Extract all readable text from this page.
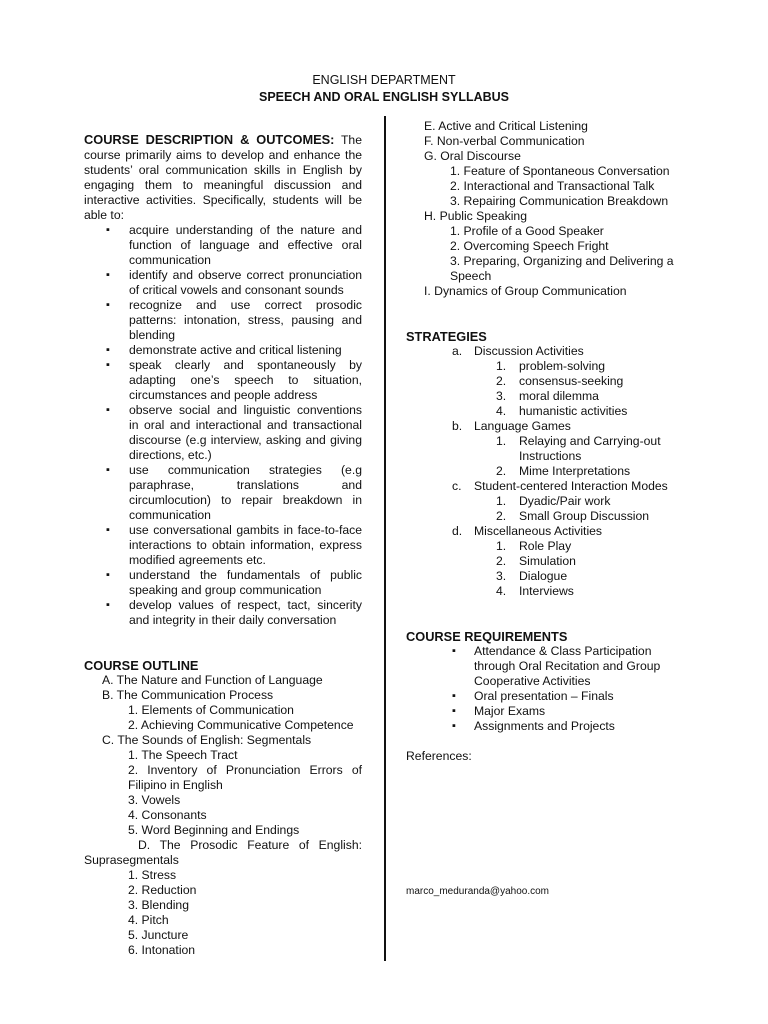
ENGLISH DEPARTMENT
SPEECH AND ORAL ENGLISH SYLLABUS
COURSE DESCRIPTION & OUTCOMES: The course primarily aims to develop and enhance the students’ oral communication skills in English by engaging them to meaningful discussion and interactive activities. Specifically, students will be able to:
▪ acquire understanding of the nature and function of language and effective oral communication
▪ identify and observe correct pronunciation of critical vowels and consonant sounds
▪ recognize and use correct prosodic patterns: intonation, stress, pausing and blending
▪ demonstrate active and critical listening
▪ speak clearly and spontaneously by adapting one’s speech to situation, circumstances and people address
▪ observe social and linguistic conventions in oral and interactional and transactional discourse (e.g interview, asking and giving directions, etc.)
▪ use communication strategies (e.g paraphrase, translations and circumlocution) to repair breakdown in communication
▪ use conversational gambits in face-to-face interactions to obtain information, express modified agreements etc.
▪ understand the fundamentals of public speaking and group communication
▪ develop values of respect, tact, sincerity and integrity in their daily conversation
COURSE OUTLINE
A. The Nature and Function of Language
B. The Communication Process
1. Elements of Communication
2. Achieving Communicative Competence
C. The Sounds of English: Segmentals
1. The Speech Tract
2. Inventory of Pronunciation Errors of Filipino in English
3. Vowels
4. Consonants
5. Word Beginning and Endings
D. The Prosodic Feature of English: Suprasegmentals
1. Stress
2. Reduction
3. Blending
4. Pitch
5. Juncture
6. Intonation
E. Active and Critical Listening
F. Non-verbal Communication
G. Oral Discourse
1. Feature of Spontaneous Conversation
2. Interactional and Transactional Talk
3. Repairing Communication Breakdown
H. Public Speaking
1. Profile of a Good Speaker
2. Overcoming Speech Fright
3. Preparing, Organizing and Delivering a Speech
I. Dynamics of Group Communication
STRATEGIES
a. Discussion Activities
1. problem-solving
2. consensus-seeking
3. moral dilemma
4. humanistic activities
b. Language Games
1. Relaying and Carrying-out Instructions
2. Mime Interpretations
c. Student-centered Interaction Modes
1. Dyadic/Pair work
2. Small Group Discussion
d. Miscellaneous Activities
1. Role Play
2. Simulation
3. Dialogue
4. Interviews
COURSE REQUIREMENTS
▪ Attendance & Class Participation through Oral Recitation and Group Cooperative Activities
▪ Oral presentation – Finals
▪ Major Exams
▪ Assignments and Projects
References:
marco_meduranda@yahoo.com
